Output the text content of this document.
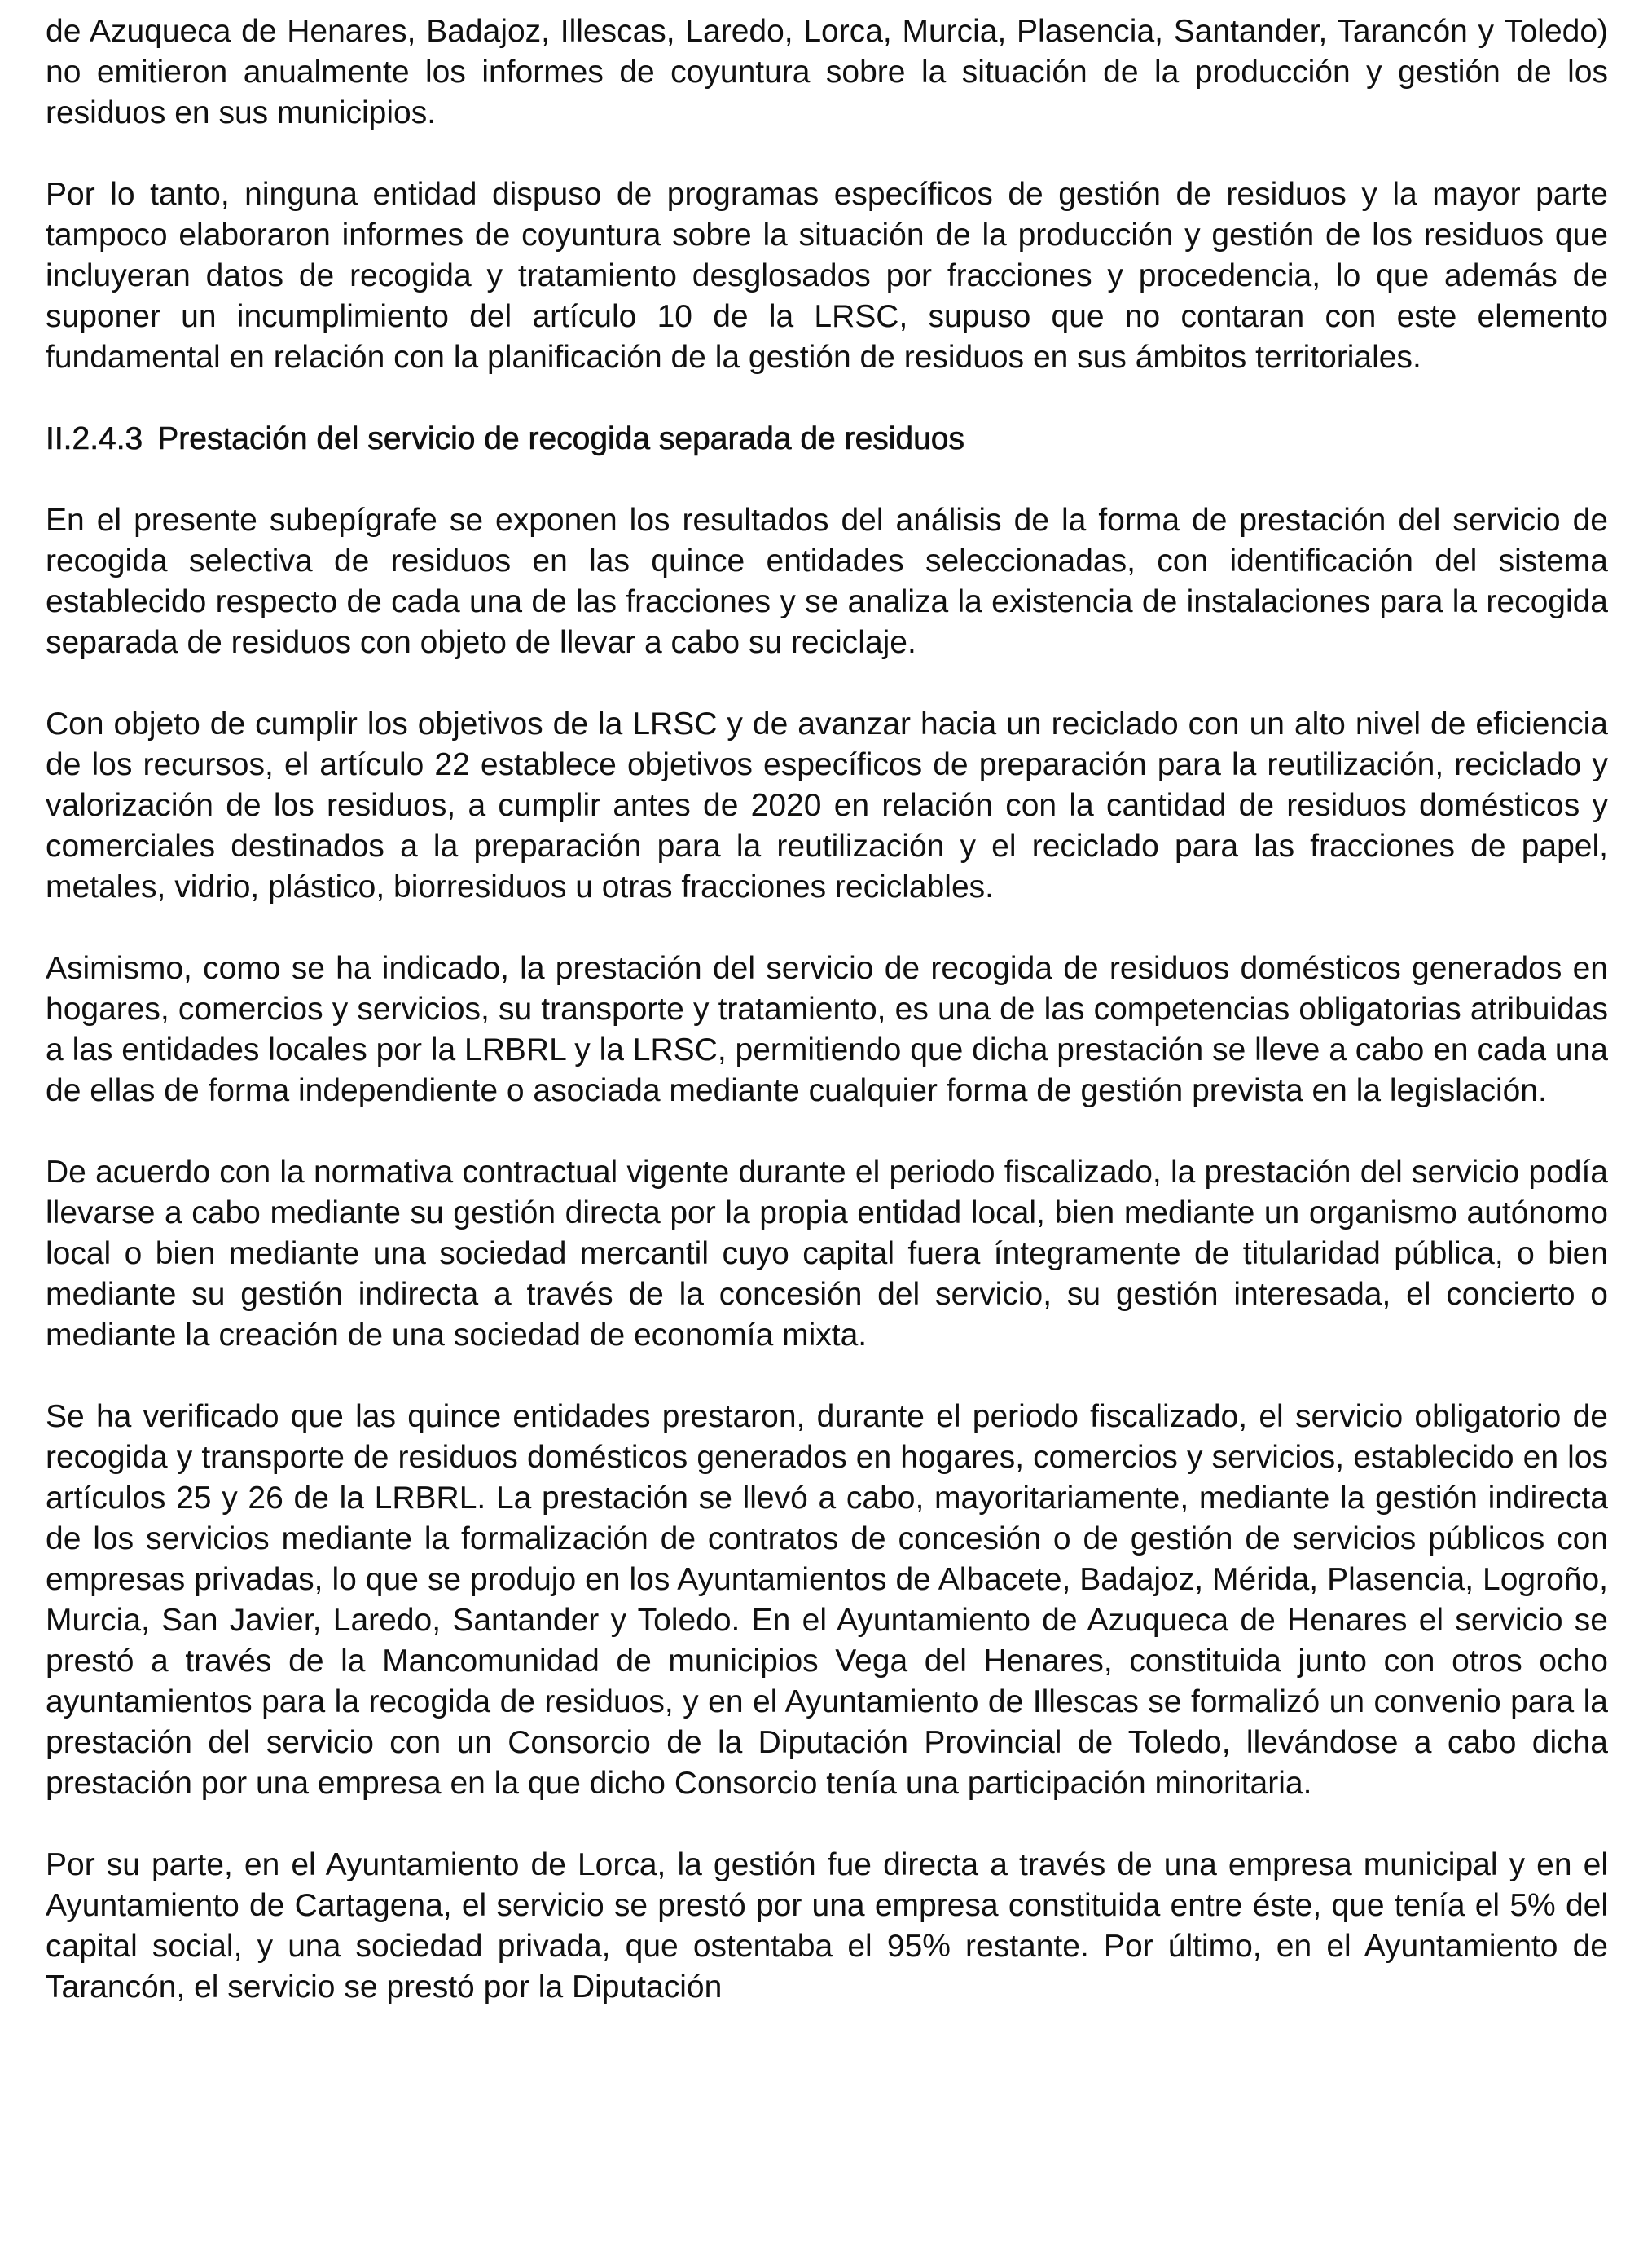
de Azuqueca de Henares, Badajoz, Illescas, Laredo, Lorca, Murcia, Plasencia, Santander, Tarancón y Toledo) no emitieron anualmente los informes de coyuntura sobre la situación de la producción y gestión de los residuos en sus municipios.

Por lo tanto, ninguna entidad dispuso de programas específicos de gestión de residuos y la mayor parte tampoco elaboraron informes de coyuntura sobre la situación de la producción y gestión de los residuos que incluyeran datos de recogida y tratamiento desglosados por fracciones y procedencia, lo que además de suponer un incumplimiento del artículo 10 de la LRSC, supuso que no contaran con este elemento fundamental en relación con la planificación de la gestión de residuos en sus ámbitos territoriales.

II.2.4.3 Prestación del servicio de recogida separada de residuos

En el presente subepígrafe se exponen los resultados del análisis de la forma de prestación del servicio de recogida selectiva de residuos en las quince entidades seleccionadas, con identificación del sistema establecido respecto de cada una de las fracciones y se analiza la existencia de instalaciones para la recogida separada de residuos con objeto de llevar a cabo su reciclaje.

Con objeto de cumplir los objetivos de la LRSC y de avanzar hacia un reciclado con un alto nivel de eficiencia de los recursos, el artículo 22 establece objetivos específicos de preparación para la reutilización, reciclado y valorización de los residuos, a cumplir antes de 2020 en relación con la cantidad de residuos domésticos y comerciales destinados a la preparación para la reutilización y el reciclado para las fracciones de papel, metales, vidrio, plástico, biorresiduos u otras fracciones reciclables.

Asimismo, como se ha indicado, la prestación del servicio de recogida de residuos domésticos generados en hogares, comercios y servicios, su transporte y tratamiento, es una de las competencias obligatorias atribuidas a las entidades locales por la LRBRL y la LRSC, permitiendo que dicha prestación se lleve a cabo en cada una de ellas de forma independiente o asociada mediante cualquier forma de gestión prevista en la legislación.

De acuerdo con la normativa contractual vigente durante el periodo fiscalizado, la prestación del servicio podía llevarse a cabo mediante su gestión directa por la propia entidad local, bien mediante un organismo autónomo local o bien mediante una sociedad mercantil cuyo capital fuera íntegramente de titularidad pública, o bien mediante su gestión indirecta a través de la concesión del servicio, su gestión interesada, el concierto o mediante la creación de una sociedad de economía mixta.

Se ha verificado que las quince entidades prestaron, durante el periodo fiscalizado, el servicio obligatorio de recogida y transporte de residuos domésticos generados en hogares, comercios y servicios, establecido en los artículos 25 y 26 de la LRBRL. La prestación se llevó a cabo, mayoritariamente, mediante la gestión indirecta de los servicios mediante la formalización de contratos de concesión o de gestión de servicios públicos con empresas privadas, lo que se produjo en los Ayuntamientos de Albacete, Badajoz, Mérida, Plasencia, Logroño, Murcia, San Javier, Laredo, Santander y Toledo. En el Ayuntamiento de Azuqueca de Henares el servicio se prestó a través de la Mancomunidad de municipios Vega del Henares, constituida junto con otros ocho ayuntamientos para la recogida de residuos, y en el Ayuntamiento de Illescas se formalizó un convenio para la prestación del servicio con un Consorcio de la Diputación Provincial de Toledo, llevándose a cabo dicha prestación por una empresa en la que dicho Consorcio tenía una participación minoritaria.

Por su parte, en el Ayuntamiento de Lorca, la gestión fue directa a través de una empresa municipal y en el Ayuntamiento de Cartagena, el servicio se prestó por una empresa constituida entre éste, que tenía el 5% del capital social, y una sociedad privada, que ostentaba el 95% restante. Por último, en el Ayuntamiento de Tarancón, el servicio se prestó por la Diputación
